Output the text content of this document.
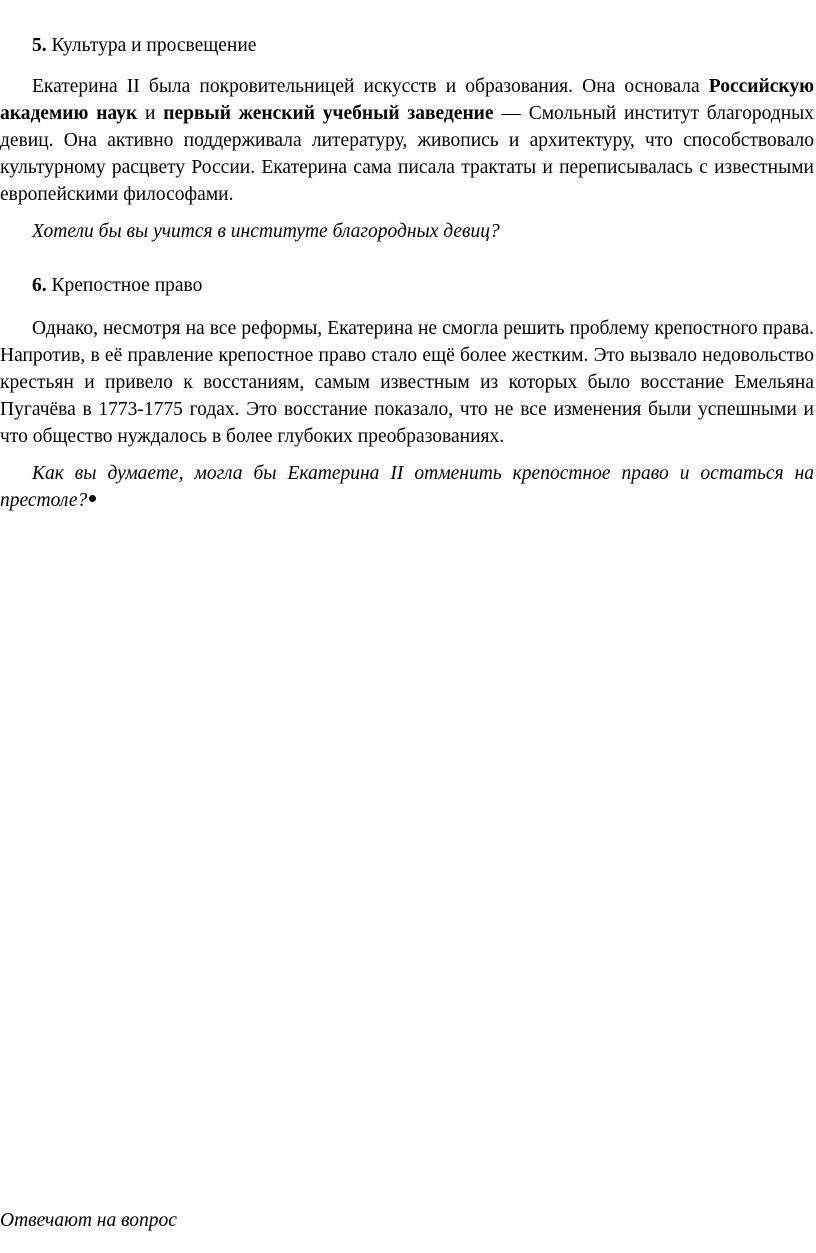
5. Культура и просвещение
Екатерина II была покровительницей искусств и образования. Она основала Российскую академию наук и первый женский учебный заведение — Смольный институт благородных девиц. Она активно поддерживала литературу, живопись и архитектуру, что способствовало культурному расцвету России. Екатерина сама писала трактаты и переписывалась с известными европейскими философами.
Хотели бы вы учится в институте благородных девиц?
6. Крепостное право
Однако, несмотря на все реформы, Екатерина не смогла решить проблему крепостного права. Напротив, в её правление крепостное право стало ещё более жестким. Это вызвало недовольство крестьян и привело к восстаниям, самым известным из которых было восстание Емельяна Пугачёва в 1773-1775 годах. Это восстание показало, что не все изменения были успешными и что общество нуждалось в более глубоких преобразованиях.
Как вы думаете, могла бы Екатерина II отменить крепостное право и остаться на престоле?
Отвечают на вопрос
